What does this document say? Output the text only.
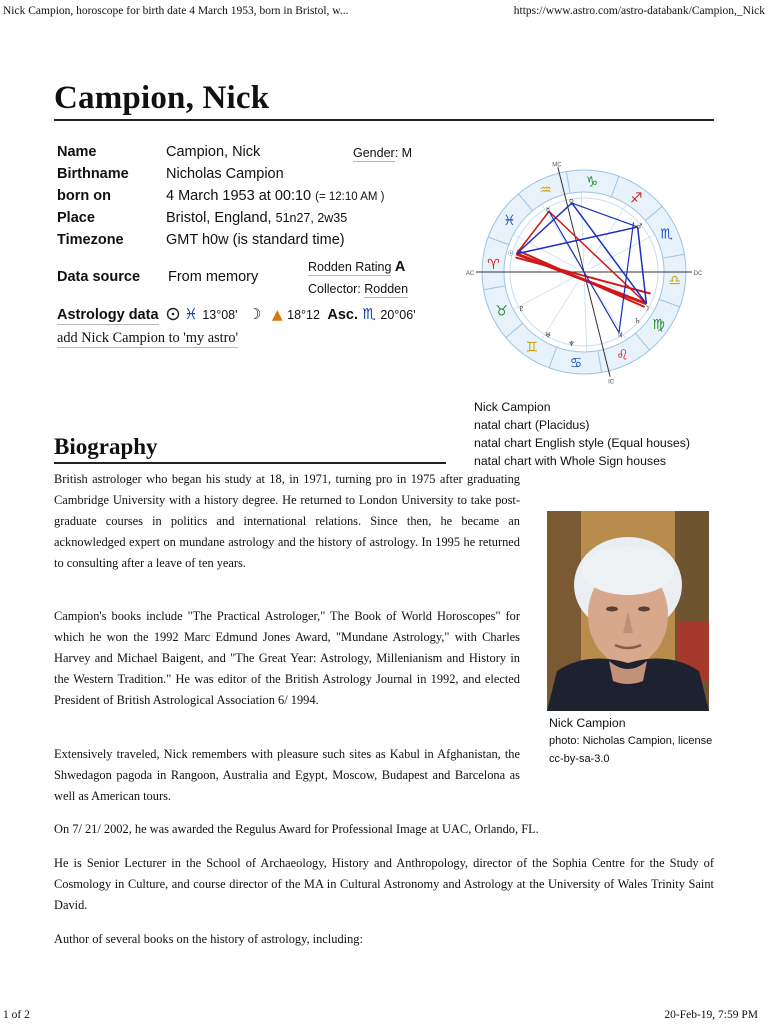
Nick Campion, horoscope for birth date 4 March 1953, born in Bristol, w...	https://www.astro.com/astro-databank/Campion,_Nick
Campion, Nick
Name	Campion, Nick	Gender: M
Birthname	Nicholas Campion
born on	4 March 1953 at 00:10 (= 12:10 AM )
Place	Bristol, England, 51n27, 2w35
Timezone	GMT h0w (is standard time)
Data source From memory
Rodden Rating A
Collector: Rodden
Astrology data ♓ 13°08' ☽ ▲ 18°12 Asc. ♏ 20°06'
add Nick Campion to 'my astro'
♈
♉
♊
♋
♌
♍
♎
♏
♐
♑
♒
♓
MC
IC
AC	DC
☉
☽
☿
♀
♂
♃
♄
♅
♆
♇
Nick Campion
natal chart (Placidus)
natal chart English style (Equal houses)
natal chart with Whole Sign houses
Biography

British astrologer who began his study at 18, in 1971, turning pro in 1975 after graduating Cambridge University with a history degree. He returned to London University to take post-graduate courses in politics and international relations. Since then, he became an acknowledged expert on mundane astrology and the history of astrology. In 1995 he returned to consulting after a leave of ten years.

Campion's books include "The Practical Astrologer," The Book of World Horoscopes" for which he won the 1992 Marc Edmund Jones Award, "Mundane Astrology," with Charles Harvey and Michael Baigent, and "The Great Year: Astrology, Millenianism and History in the Western Tradition." He was editor of the British Astrology Journal in 1992, and elected President of British Astrological Association 6/ 1994.

Extensively traveled, Nick remembers with pleasure such sites as Kabul in Afghanistan, the Shwedagon pagoda in Rangoon, Australia and Egypt, Moscow, Budapest and Barcelona as well as American tours.

On 7/ 21/ 2002, he was awarded the Regulus Award for Professional Image at UAC, Orlando, FL.

He is Senior Lecturer in the School of Archaeology, History and Anthropology, director of the Sophia Centre for the Study of Cosmology in Culture, and course director of the MA in Cultural Astronomy and Astrology at the University of Wales Trinity Saint David.

Author of several books on the history of astrology, including:

Nick Campion
photo: Nicholas Campion, license cc-by-sa-3.0
1 of 2	20-Feb-19, 7:59 PM
